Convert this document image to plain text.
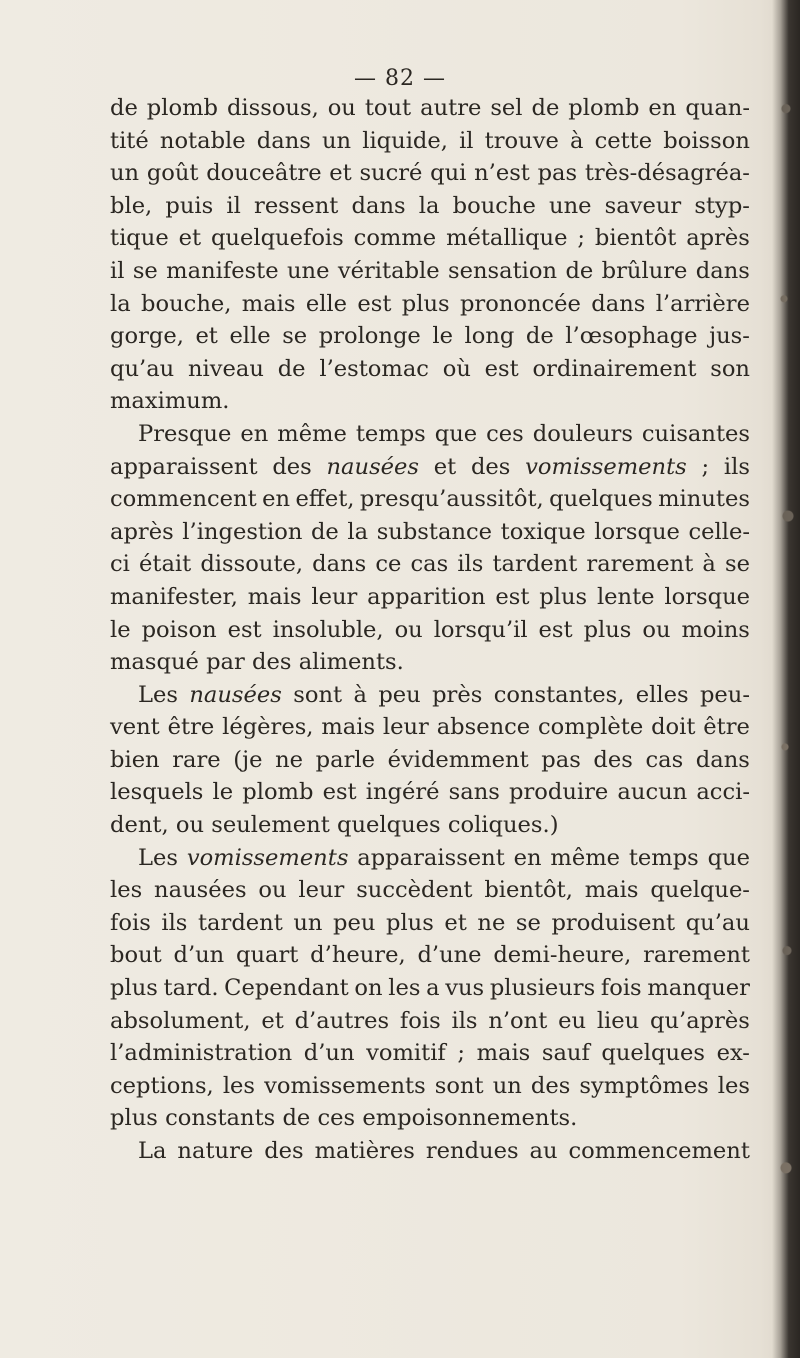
— 82 —
de plomb dissous, ou tout autre sel de plomb en quan-
tité notable dans un liquide, il trouve à cette boisson
un goût douceâtre et sucré qui n’est pas très-désagréa-
ble, puis il ressent dans la bouche une saveur styp-
tique et quelquefois comme métallique ; bientôt après
il se manifeste une véritable sensation de brûlure dans
la bouche, mais elle est plus prononcée dans l’arrière
gorge, et elle se prolonge le long de l’œsophage jus-
qu’au niveau de l’estomac où est ordinairement son
maximum.
Presque en même temps que ces douleurs cuisantes
apparaissent des nausées et des vomissements ; ils
commencent en effet, presqu’aussitôt, quelques minutes
après l’ingestion de la substance toxique lorsque celle-
ci était dissoute, dans ce cas ils tardent rarement à se
manifester, mais leur apparition est plus lente lorsque
le poison est insoluble, ou lorsqu’il est plus ou moins
masqué par des aliments.
Les nausées sont à peu près constantes, elles peu-
vent être légères, mais leur absence complète doit être
bien rare (je ne parle évidemment pas des cas dans
lesquels le plomb est ingéré sans produire aucun acci-
dent, ou seulement quelques coliques.)
Les vomissements apparaissent en même temps que
les nausées ou leur succèdent bientôt, mais quelque-
fois ils tardent un peu plus et ne se produisent qu’au
bout d’un quart d’heure, d’une demi-heure, rarement
plus tard. Cependant on les a vus plusieurs fois manquer
absolument, et d’autres fois ils n’ont eu lieu qu’après
l’administration d’un vomitif ; mais sauf quelques ex-
ceptions, les vomissements sont un des symptômes les
plus constants de ces empoisonnements.
La nature des matières rendues au commencement
